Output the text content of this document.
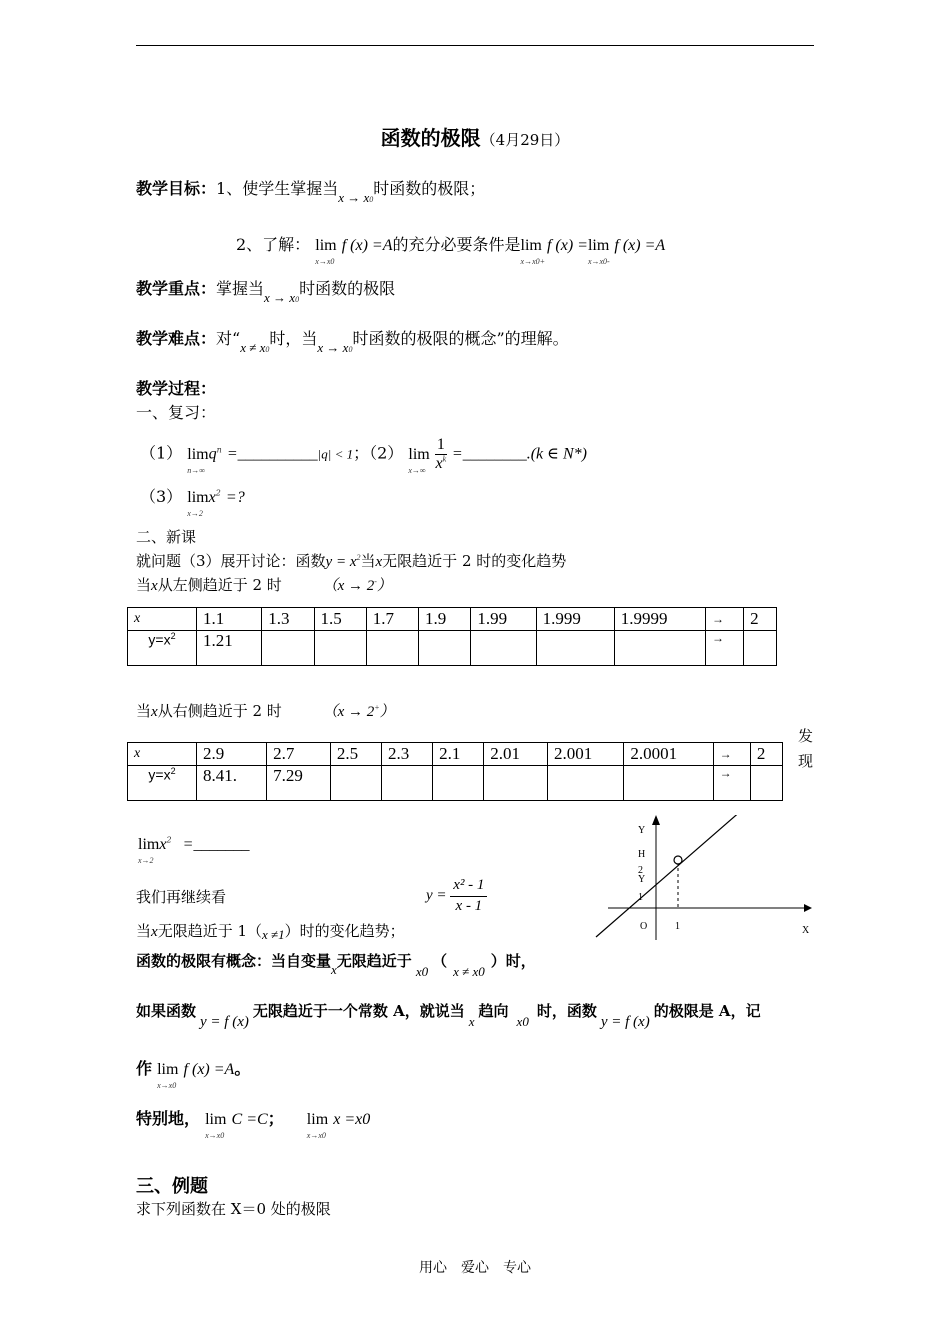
函数的极限（4月29日）
教学目标：1、使学生掌握当$_{x \to x0}$时函数的极限；
2、了解： lim
x→x0
f (x) =A的充分必要条件是lim
x→x0+
f (x) =lim
x→x0-
f (x) =A
教学重点：掌握当$_{x \to x0}$时函数的极限
教学难点：对“$_{x \ne x0}$时，当$_{x \to x0}$时函数的极限的概念”的理解。
教学过程：
一、复习：
（1） lim
n→∞
$q^n$ =__________|q| < 1；（2） lim
x→∞
$\frac{1}{x^k}$ =________.(k ∈ N*)
（3） lim
x→2
$x^2$ =?
二、新课
就问题（3）展开讨论：函数$y = x^2$当x无限趋近于 2 时的变化趋势
当x从左侧趋近于 2 时	（x → 2-）
x	1.1	1.3	1.5	1.7	1.9	1.99	1.999	1.9999	→	2
$y=x^2$	1.21								→	
当x从右侧趋近于 2 时	（x → 2+）
发
现
x	2.9	2.7	2.5	2.3	2.1	2.01	2.001	2.0001	→	2
$y=x^2$	8.41.	7.29							→	
lim
x→2
$x^2$ =_______
我们再继续看	$y = \frac{\text{x² - 1}}{x - 1}$
当x无限趋近于 1（x ≠1）时的变化趋势；
函数的极限有概念：当自变量x无限趋近于x0（x ≠ x0）时，
如果函数y = f (x)无限趋近于一个常数 A，就说当x趋向x0时，函数y = f (x)的极限是 A，记
作 lim
x→x0
f (x) =A。
特别地， lim
x→x0
C =C； lim
x→x0
x =x0
三、例题
求下列函数在 X＝0 处的极限
Y
H
2
Y
1
O	1	X
用心　爱心　专心
